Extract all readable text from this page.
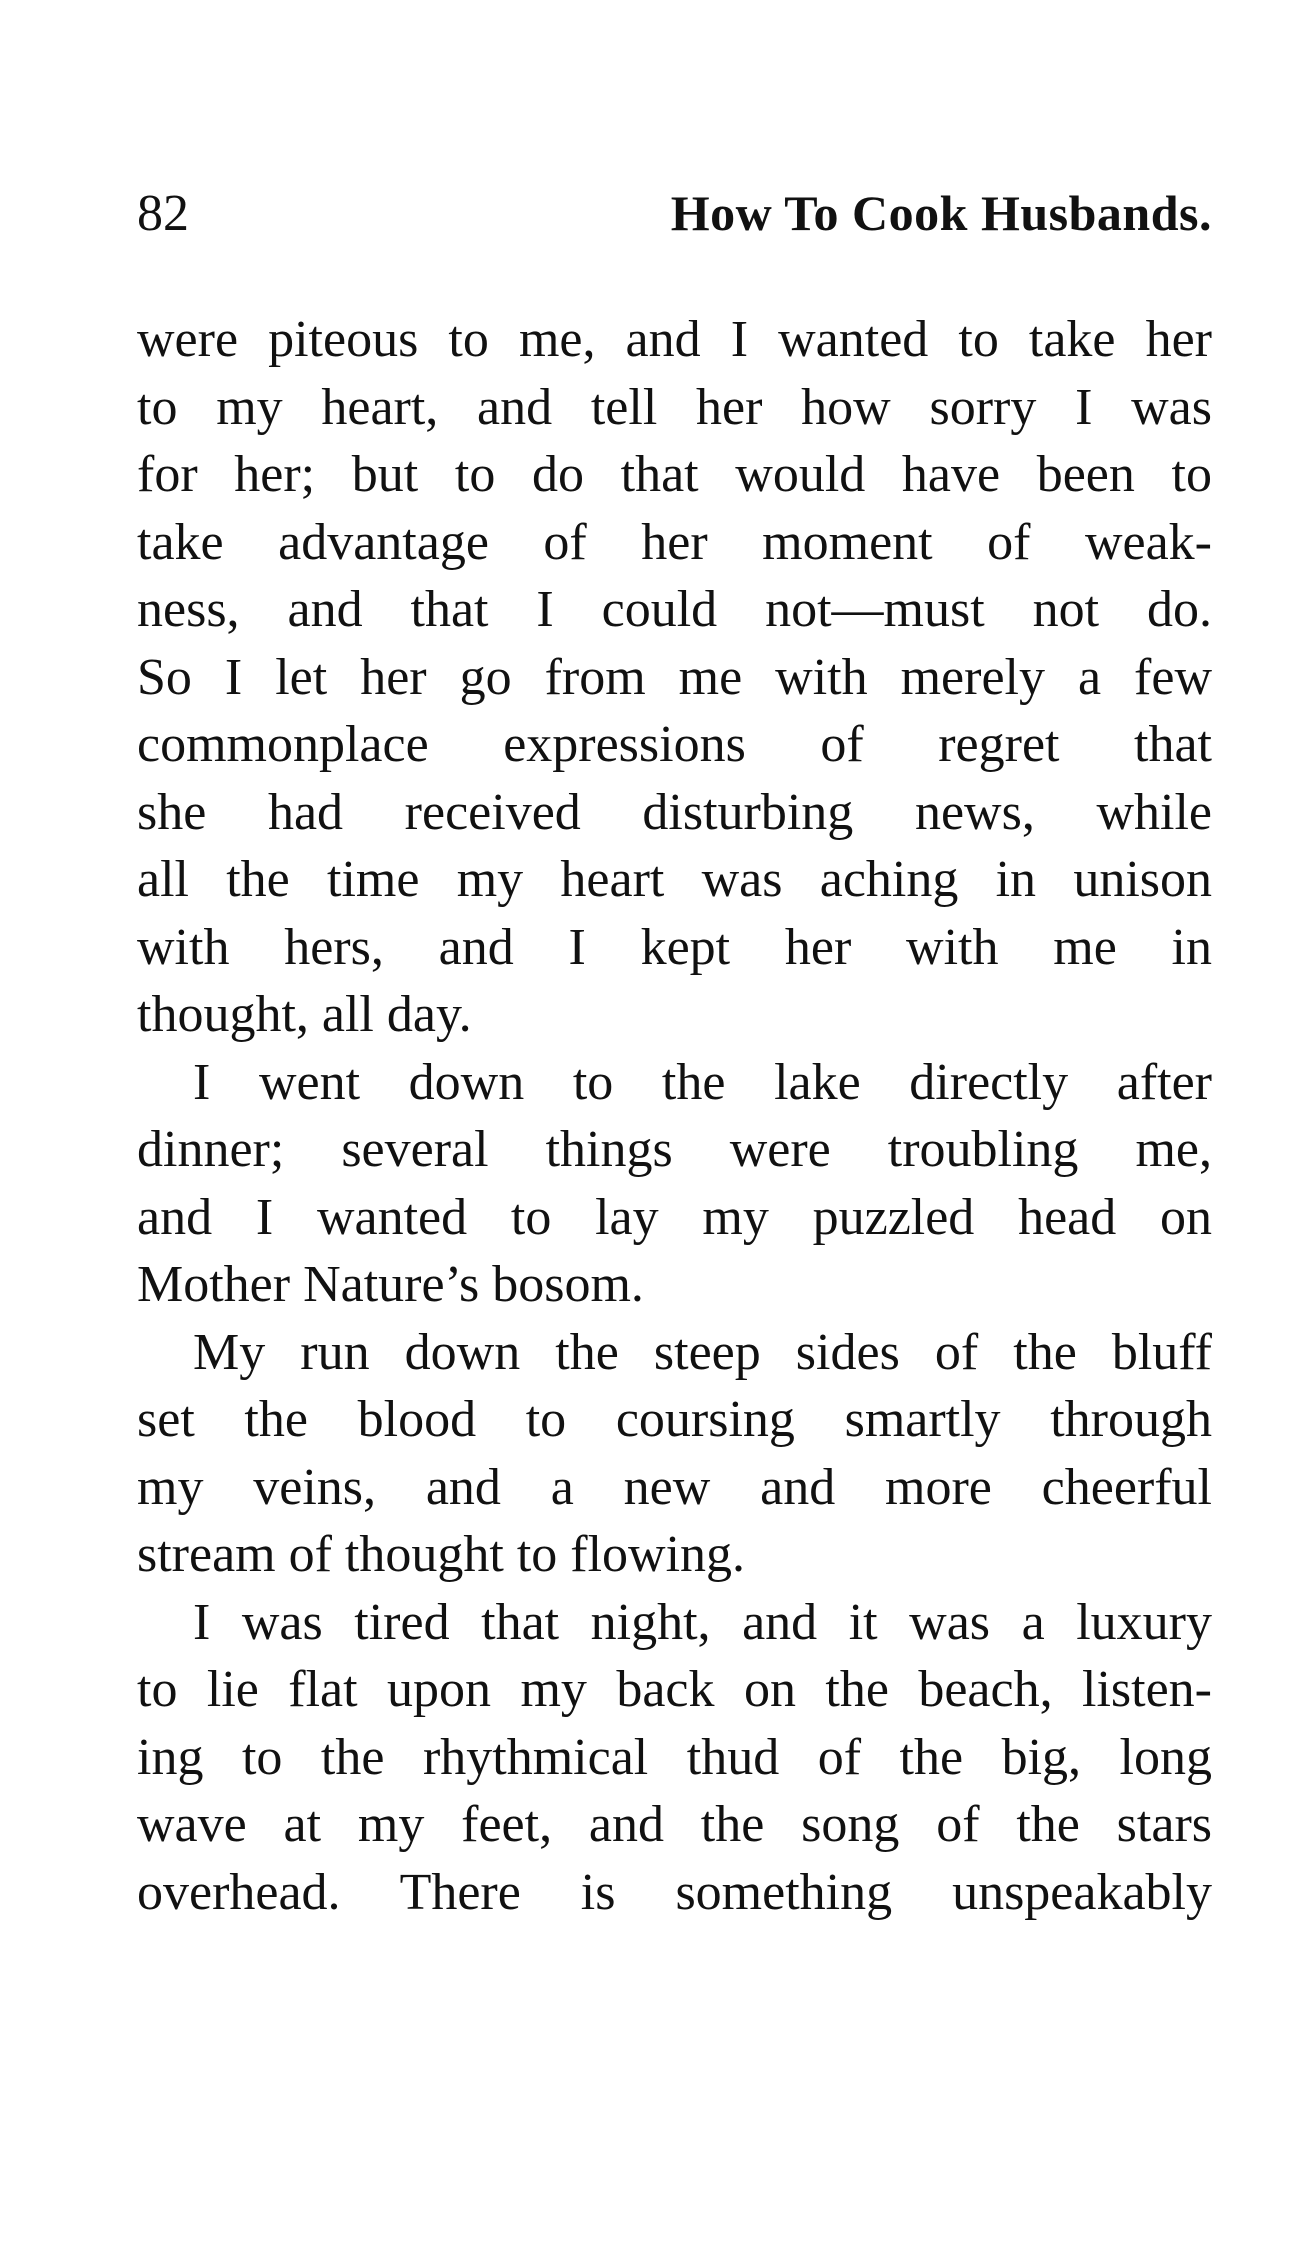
82	How To Cook Husbands.

were piteous to me, and I wanted to take her
to my heart, and tell her how sorry I was
for her; but to do that would have been to
take advantage of her moment of weak-
ness, and that I could not—must not do.
So I let her go from me with merely a few
commonplace expressions of regret that
she had received disturbing news, while
all the time my heart was aching in unison
with hers, and I kept her with me in
thought, all day.

I went down to the lake directly after
dinner; several things were troubling me,
and I wanted to lay my puzzled head on
Mother Nature’s bosom.

My run down the steep sides of the bluff
set the blood to coursing smartly through
my veins, and a new and more cheerful
stream of thought to flowing.

I was tired that night, and it was a luxury
to lie flat upon my back on the beach, listen-
ing to the rhythmical thud of the big, long
wave at my feet, and the song of the stars
overhead. There is something unspeakably
